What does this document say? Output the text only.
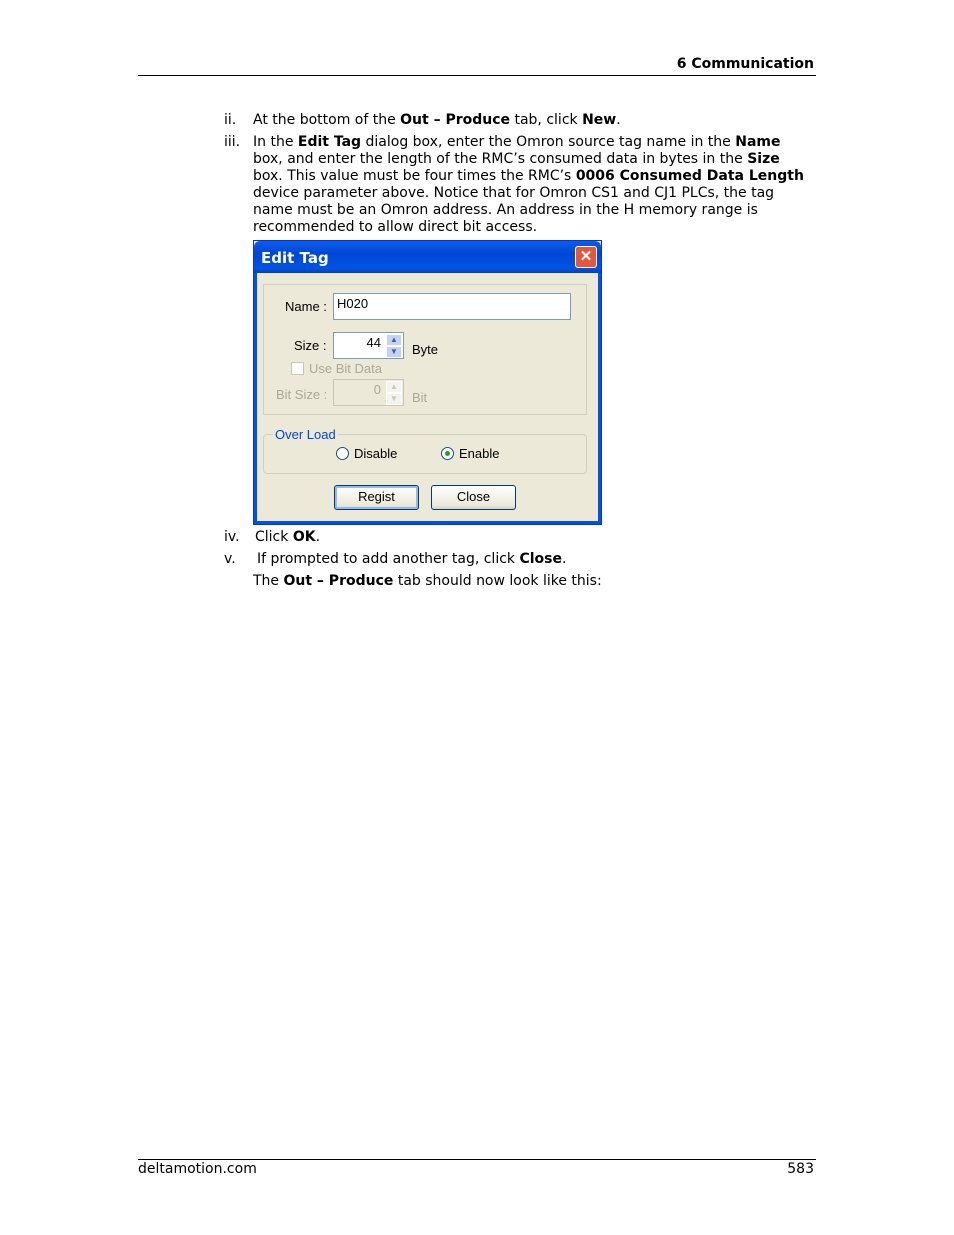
6 Communication
ii. At the bottom of the Out – Produce tab, click New.
iii. In the Edit Tag dialog box, enter the Omron source tag name in the Name box, and enter the length of the RMC’s consumed data in bytes in the Size box. This value must be four times the RMC’s 0006 Consumed Data Length device parameter above. Notice that for Omron CS1 and CJ1 PLCs, the tag name must be an Omron address. An address in the H memory range is recommended to allow direct bit access.
Edit Tag	✕
Name : H020
Size :	44	▲
▼	Byte
Use Bit Data
Bit Size :	0	▲
▼	Bit
Over Load
Disable	Enable
Regist	Close
iv. Click OK.
v. If prompted to add another tag, click Close.
The Out – Produce tab should now look like this:
deltamotion.com	583
